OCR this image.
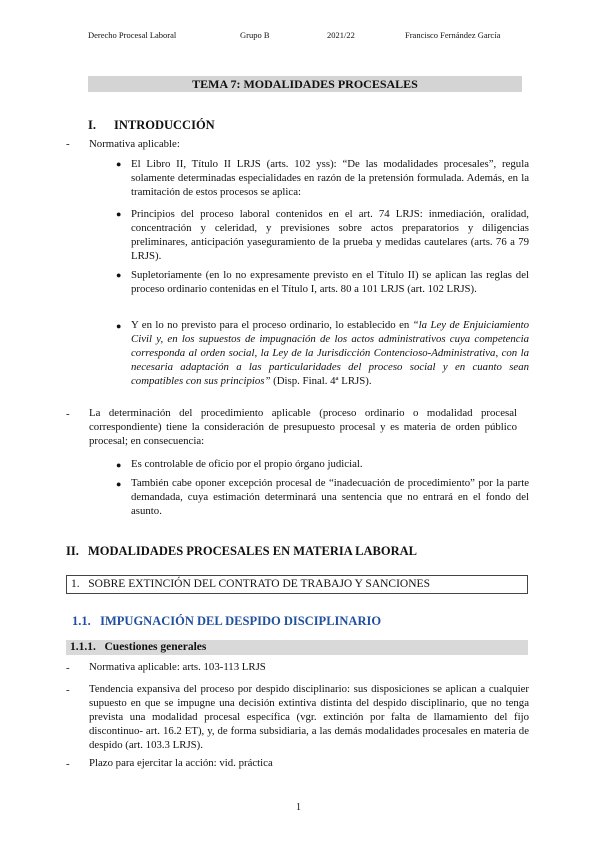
Derecho Procesal Laboral	Grupo B	2021/22	Francisco Fernández García
TEMA 7: MODALIDADES PROCESALES
I. INTRODUCCIÓN
- Normativa aplicable:
● El Libro II, Título II LRJS (arts. 102 yss): “De las modalidades procesales”, regula solamente determinadas especialidades en razón de la pretensión formulada. Además, en la tramitación de estos procesos se aplica:
● Principios del proceso laboral contenidos en el art. 74 LRJS: inmediación, oralidad, concentración y celeridad, y previsiones sobre actos preparatorios y diligencias preliminares, anticipación yaseguramiento de la prueba y medidas cautelares (arts. 76 a 79 LRJS).
● Supletoriamente (en lo no expresamente previsto en el Título II) se aplican las reglas del proceso ordinario contenidas en el Título I, arts. 80 a 101 LRJS (art. 102 LRJS).
● Y en lo no previsto para el proceso ordinario, lo establecido en “la Ley de Enjuiciamiento Civil y, en los supuestos de impugnación de los actos administrativos cuya competencia corresponda al orden social, la Ley de la Jurisdicción Contencioso-Administrativa, con la necesaria adaptación a las particularidades del proceso social y en cuanto sean compatibles con sus principios” (Disp. Final. 4ª LRJS).
- La determinación del procedimiento aplicable (proceso ordinario o modalidad procesal correspondiente) tiene la consideración de presupuesto procesal y es materia de orden público procesal; en consecuencia:
● Es controlable de oficio por el propio órgano judicial.
● También cabe oponer excepción procesal de “inadecuación de procedimiento” por la parte demandada, cuya estimación determinará una sentencia que no entrará en el fondo del asunto.
II. MODALIDADES PROCESALES EN MATERIA LABORAL
1.   SOBRE EXTINCIÓN DEL CONTRATO DE TRABAJO Y SANCIONES
1.1.   IMPUGNACIÓN DEL DESPIDO DISCIPLINARIO
1.1.1.   Cuestiones generales
- Normativa aplicable: arts. 103-113 LRJS
- Tendencia expansiva del proceso por despido disciplinario: sus disposiciones se aplican a cualquier supuesto en que se impugne una decisión extintiva distinta del despido disciplinario, que no tenga prevista una modalidad procesal específica (vgr. extinción por falta de llamamiento del fijo discontinuo- art. 16.2 ET), y, de forma subsidiaria, a las demás modalidades procesales en materia de despido (art. 103.3 LRJS).
- Plazo para ejercitar la acción: vid. práctica
1
